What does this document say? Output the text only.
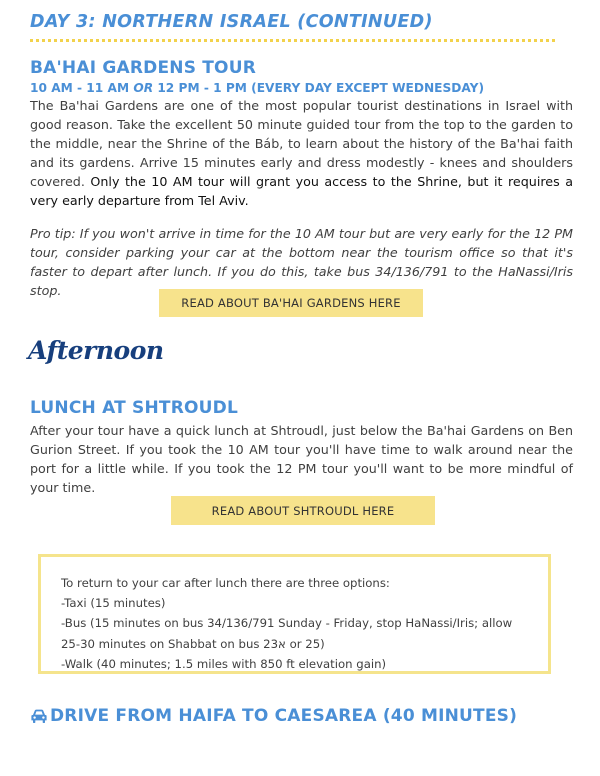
DAY 3: NORTHERN ISRAEL (CONTINUED)
BA'HAI GARDENS TOUR

10 AM - 11 AM OR 12 PM - 1 PM (EVERY DAY EXCEPT WEDNESDAY)

The Ba'hai Gardens are one of the most popular tourist destinations in Israel with good reason. Take the excellent 50 minute guided tour from the top to the garden to the middle, near the Shrine of the Báb, to learn about the history of the Ba'hai faith and its gardens. Arrive 15 minutes early and dress modestly - knees and shoulders covered. Only the 10 AM tour will grant you access to the Shrine, but it requires a very early departure from Tel Aviv.

Pro tip: If you won't arrive in time for the 10 AM tour but are very early for the 12 PM tour, consider parking your car at the bottom near the tourism office so that it's faster to depart after lunch. If you do this, take bus 34/136/791 to the HaNassi/Iris stop.

READ ABOUT BA'HAI GARDENS HERE
Afternoon
LUNCH AT SHTROUDL

After your tour have a quick lunch at Shtroudl, just below the Ba'hai Gardens on Ben Gurion Street. If you took the 10 AM tour you'll have time to walk around near the port for a little while. If you took the 12 PM tour you'll want to be more mindful of your time.

READ ABOUT SHTROUDL HERE

To return to your car after lunch there are three options:

-Taxi (15 minutes)

-Bus (15 minutes on bus 34/136/791 Sunday - Friday, stop HaNassi/Iris; allow 25-30 minutes on Shabbat on bus 23א or 25)

-Walk (40 minutes; 1.5 miles with 850 ft elevation gain)

DRIVE FROM HAIFA TO CAESAREA (40 MINUTES)
